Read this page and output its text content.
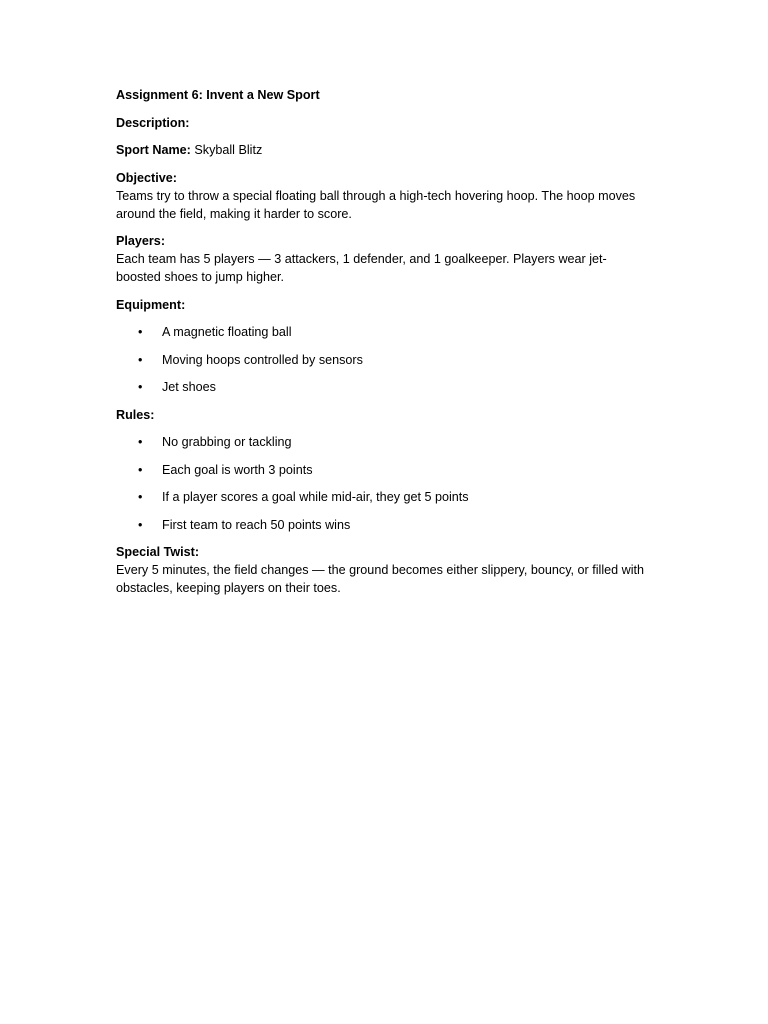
Assignment 6: Invent a New Sport

Description:

Sport Name: Skyball Blitz

Objective:

Teams try to throw a special floating ball through a high-tech hovering hoop. The hoop moves around the field, making it harder to score.

Players:

Each team has 5 players — 3 attackers, 1 defender, and 1 goalkeeper. Players wear jet-boosted shoes to jump higher.

Equipment:

• A magnetic floating ball
• Moving hoops controlled by sensors
• Jet shoes

Rules:

• No grabbing or tackling
• Each goal is worth 3 points
• If a player scores a goal while mid-air, they get 5 points
• First team to reach 50 points wins

Special Twist:

Every 5 minutes, the field changes — the ground becomes either slippery, bouncy, or filled with obstacles, keeping players on their toes.
